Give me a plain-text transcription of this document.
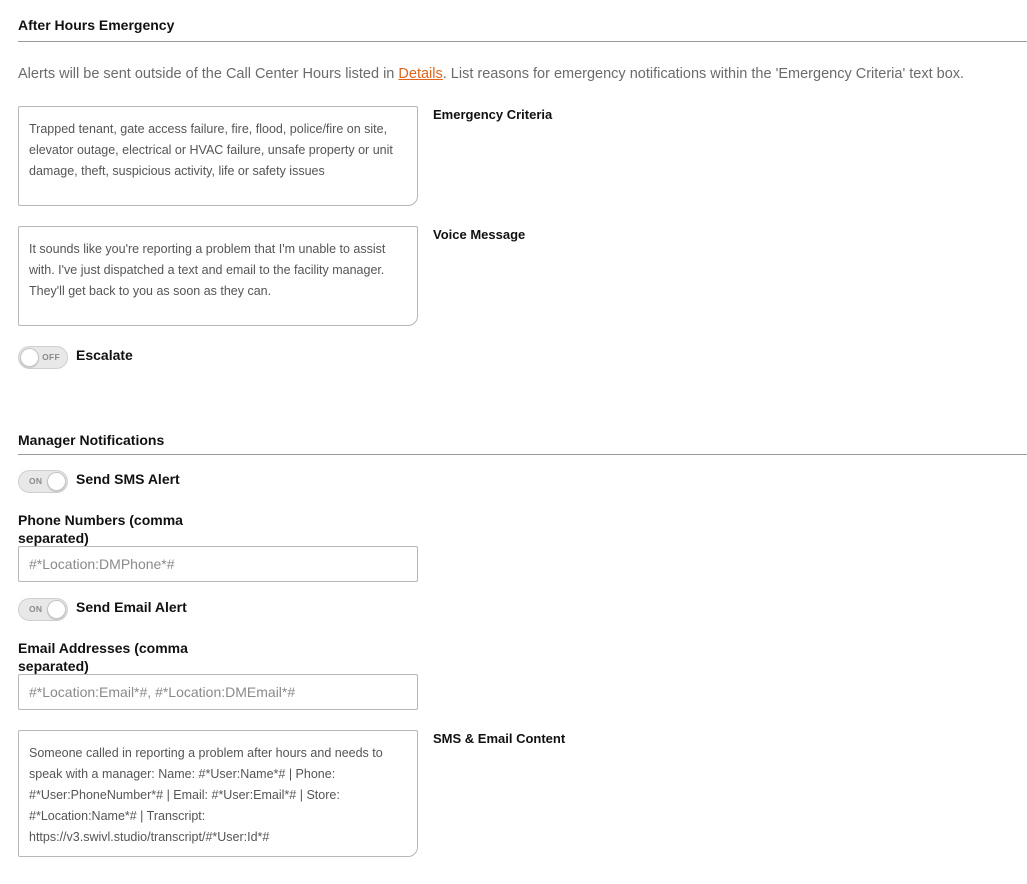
After Hours Emergency
Alerts will be sent outside of the Call Center Hours listed in Details. List reasons for emergency notifications within the 'Emergency Criteria' text box.
Trapped tenant, gate access failure, fire, flood, police/fire on site, elevator outage, electrical or HVAC failure, unsafe property or unit damage, theft, suspicious activity, life or safety issues
Emergency Criteria
It sounds like you're reporting a problem that I'm unable to assist with. I've just dispatched a text and email to the facility manager. They'll get back to you as soon as they can.
Voice Message
OFF Escalate
Manager Notifications
ON Send SMS Alert
Phone Numbers (comma separated)
#*Location:DMPhone*#
ON Send Email Alert
Email Addresses (comma separated)
#*Location:Email*#, #*Location:DMEmail*#
Someone called in reporting a problem after hours and needs to speak with a manager: Name: #*User:Name*# | Phone: #*User:PhoneNumber*# | Email: #*User:Email*# | Store: #*Location:Name*# | Transcript: https://v3.swivl.studio/transcript/#*User:Id*#
SMS & Email Content
